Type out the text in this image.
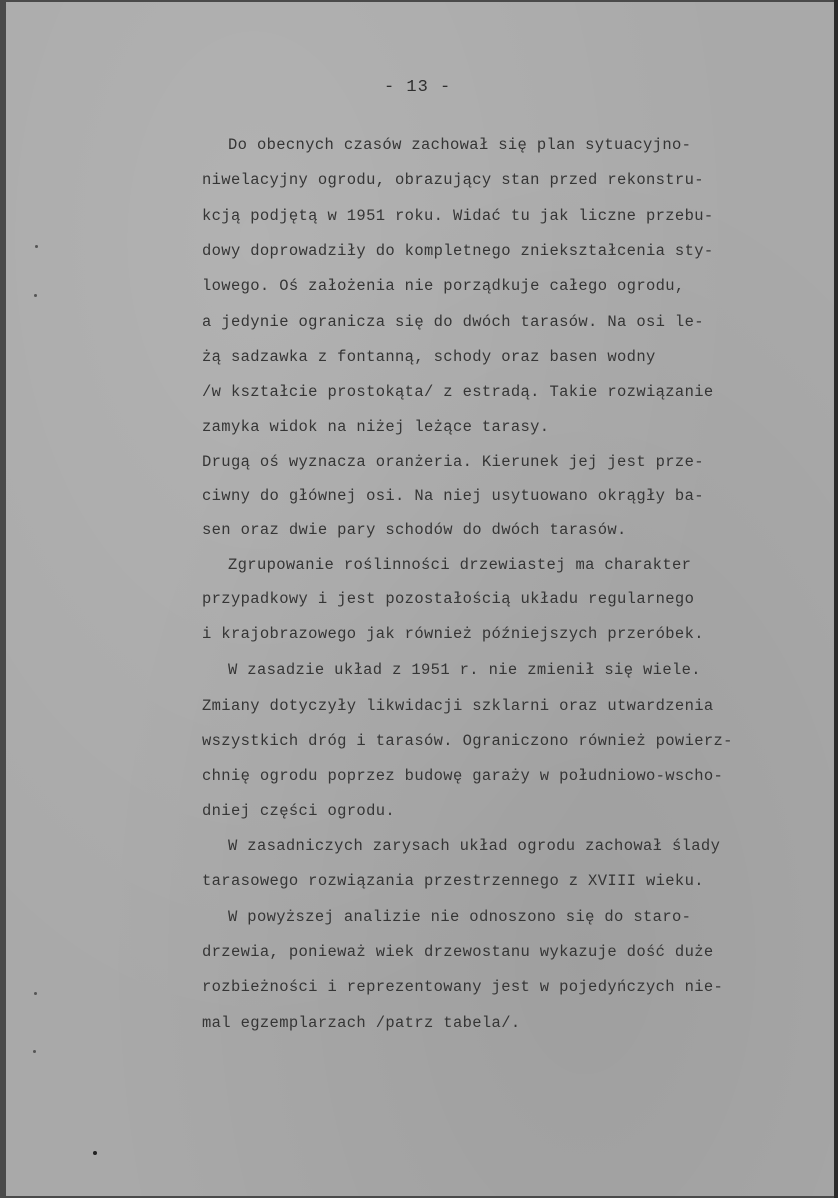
- 13 -
Do obecnych czasów zachował się plan sytuacyjno-
niwelacyjny ogrodu, obrazujący stan przed rekonstru-
kcją podjętą w 1951 roku. Widać tu jak liczne przebu-
dowy doprowadziły do kompletnego zniekształcenia sty-
lowego. Oś założenia nie porządkuje całego ogrodu,
a jedynie ogranicza się do dwóch tarasów. Na osi le-
żą sadzawka z fontanną, schody oraz basen wodny
/w kształcie prostokąta/ z estradą. Takie rozwiązanie
zamyka widok na niżej leżące tarasy.
Drugą oś wyznacza oranżeria. Kierunek jej jest prze-
ciwny do głównej osi. Na niej usytuowano okrągły ba-
sen oraz dwie pary schodów do dwóch tarasów.
Zgrupowanie roślinności drzewiastej ma charakter
przypadkowy i jest pozostałością układu regularnego
i krajobrazowego jak również późniejszych przeróbek.
W zasadzie układ z 1951 r. nie zmienił się wiele.
Zmiany dotyczyły likwidacji szklarni oraz utwardzenia
wszystkich dróg i tarasów. Ograniczono również powierz-
chnię ogrodu poprzez budowę garaży w południowo-wscho-
dniej części ogrodu.
W zasadniczych zarysach układ ogrodu zachował ślady
tarasowego rozwiązania przestrzennego z XVIII wieku.
W powyższej analizie nie odnoszono się do staro-
drzewia, ponieważ wiek drzewostanu wykazuje dość duże
rozbieżności i reprezentowany jest w pojedyńczych nie-
mal egzemplarzach /patrz tabela/.
